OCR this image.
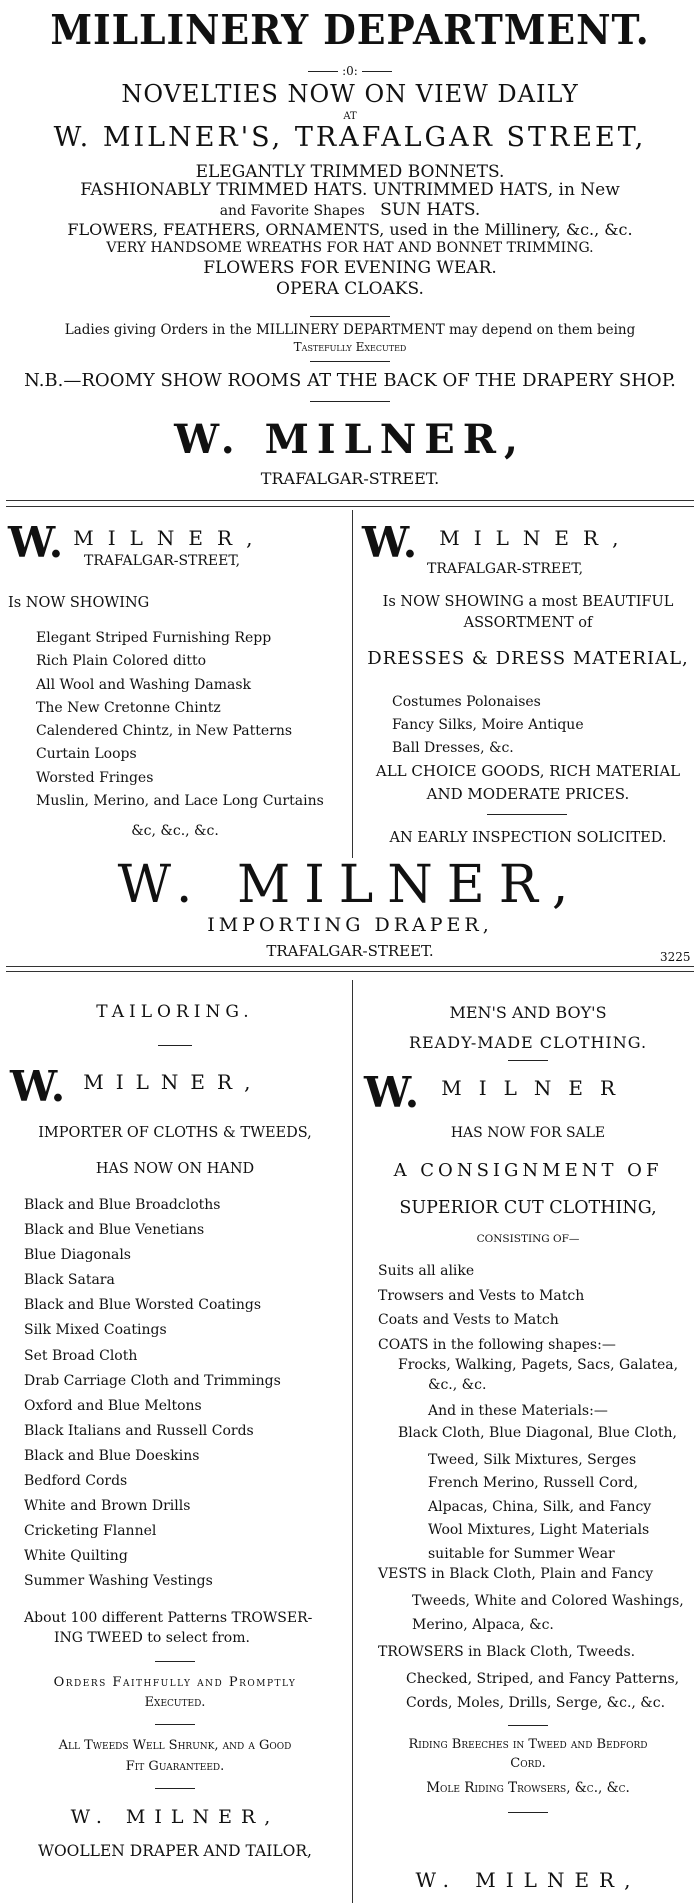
MILLINERY DEPARTMENT.
:0:
NOVELTIES NOW ON VIEW DAILY
AT
W. MILNER'S, TRAFALGAR STREET,
ELEGANTLY TRIMMED BONNETS.
FASHIONABLY TRIMMED HATS. UNTRIMMED HATS, in New
and Favorite Shapes SUN HATS.
FLOWERS, FEATHERS, ORNAMENTS, used in the Millinery, &c., &c.
VERY HANDSOME WREATHS FOR HAT AND BONNET TRIMMING.
FLOWERS FOR EVENING WEAR.
OPERA CLOAKS.
Ladies giving Orders in the MILLINERY DEPARTMENT may depend on them being
Tastefully Executed
N.B.—ROOMY SHOW ROOMS AT THE BACK OF THE DRAPERY SHOP.
W. MILNER,
TRAFALGAR-STREET.
W. MILNER,
TRAFALGAR-STREET,
Is NOW SHOWING
Elegant Striped Furnishing Repp
Rich Plain Colored ditto
All Wool and Washing Damask
The New Cretonne Chintz
Calendered Chintz, in New Patterns
Curtain Loops
Worsted Fringes
Muslin, Merino, and Lace Long Curtains
&c, &c., &c.
W. MILNER,
TRAFALGAR-STREET,
Is NOW SHOWING a most BEAUTIFUL
ASSORTMENT of
DRESSES & DRESS MATERIAL,
Costumes Polonaises
Fancy Silks, Moire Antique
Ball Dresses, &c.
ALL CHOICE GOODS, RICH MATERIAL
AND MODERATE PRICES.
AN EARLY INSPECTION SOLICITED.
W. MILNER,
IMPORTING DRAPER,
TRAFALGAR-STREET.	3225
TAILORING.
W. MILNER,
IMPORTER OF CLOTHS & TWEEDS,
HAS NOW ON HAND
Black and Blue Broadcloths
Black and Blue Venetians
Blue Diagonals
Black Satara
Black and Blue Worsted Coatings
Silk Mixed Coatings
Set Broad Cloth
Drab Carriage Cloth and Trimmings
Oxford and Blue Meltons
Black Italians and Russell Cords
Black and Blue Doeskins
Bedford Cords
White and Brown Drills
Cricketing Flannel
White Quilting
Summer Washing Vestings
About 100 different Patterns TROWSER-
ING TWEED to select from.
Orders Faithfully and Promptly
Executed.
All Tweeds Well Shrunk, and a Good
Fit Guaranteed.
W. MILNER,
WOOLLEN DRAPER AND TAILOR,
MEN'S AND BOY'S
READY-MADE CLOTHING.
W. MILNER
HAS NOW FOR SALE
A CONSIGNMENT OF
SUPERIOR CUT CLOTHING,
CONSISTING OF—
Suits all alike
Trowsers and Vests to Match
Coats and Vests to Match
COATS in the following shapes:—
Frocks, Walking, Pagets, Sacs, Galatea,
&c., &c.
And in these Materials:—
Black Cloth, Blue Diagonal, Blue Cloth,
Tweed, Silk Mixtures, Serges
French Merino, Russell Cord,
Alpacas, China, Silk, and Fancy
Wool Mixtures, Light Materials
suitable for Summer Wear
VESTS in Black Cloth, Plain and Fancy
Tweeds, White and Colored Washings,
Merino, Alpaca, &c.
TROWSERS in Black Cloth, Tweeds.
Checked, Striped, and Fancy Patterns,
Cords, Moles, Drills, Serge, &c., &c.
Riding Breeches in Tweed and Bedford
Cord.
Mole Riding Trowsers, &c., &c.
W. MILNER,
